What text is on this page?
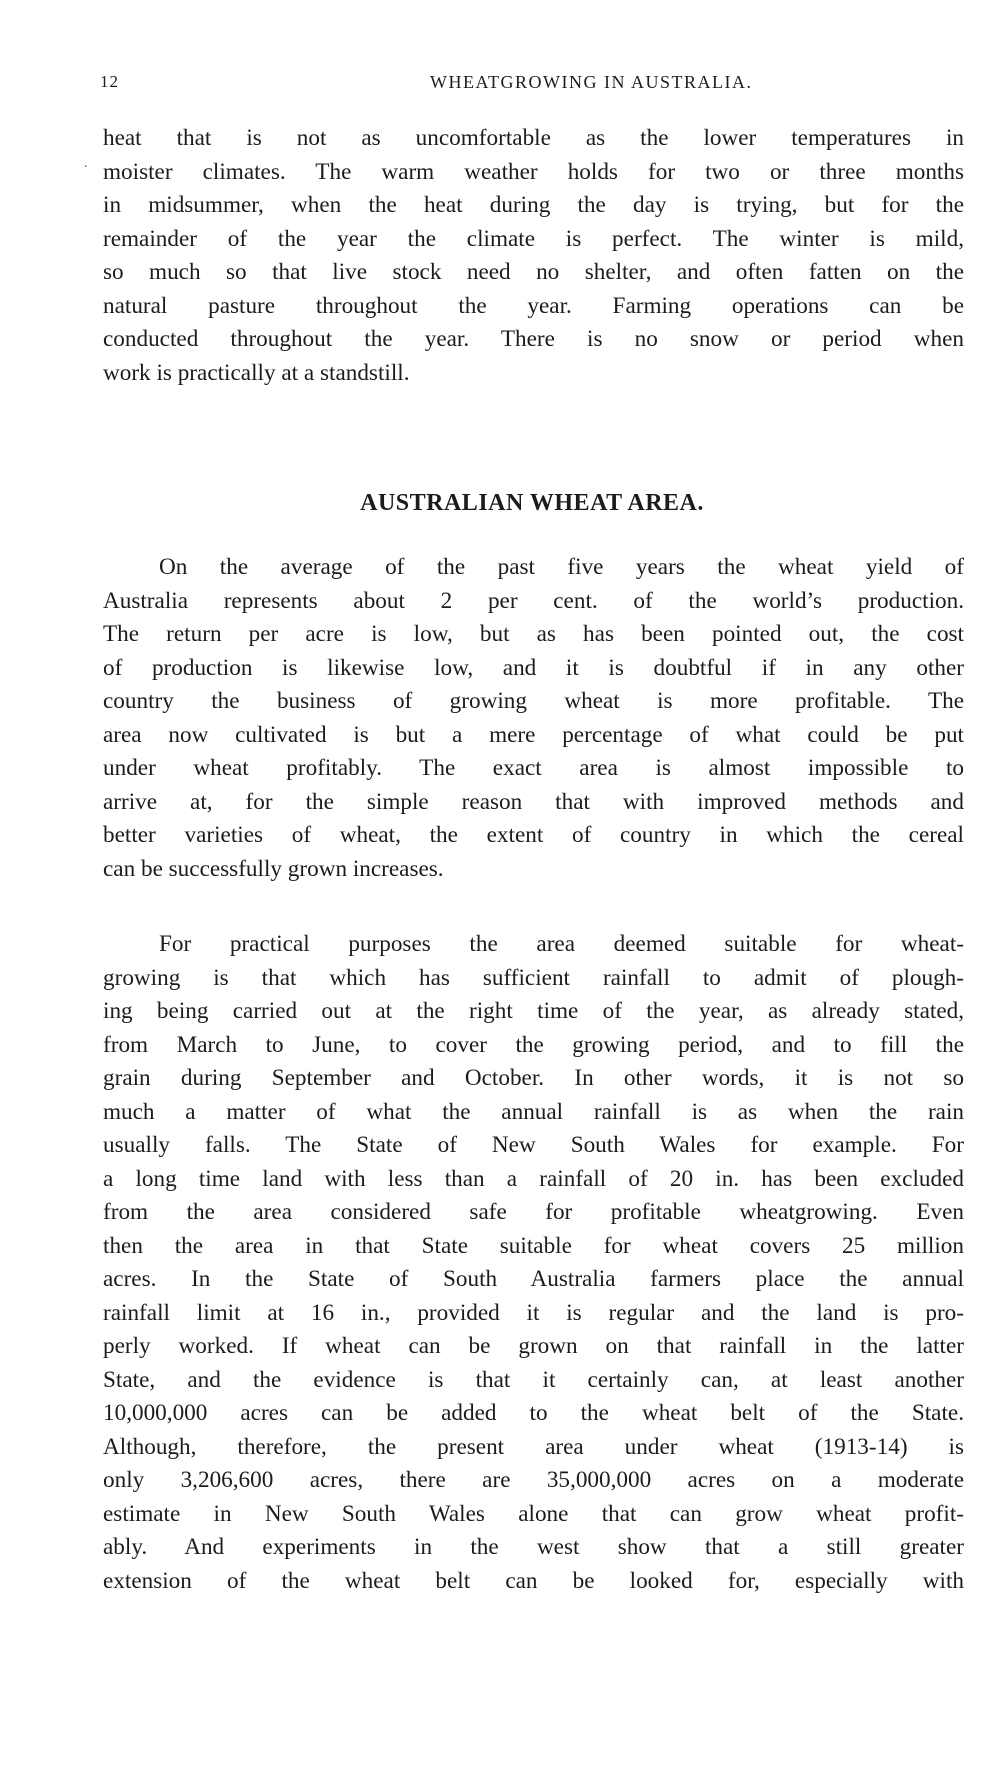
12	WHEATGROWING IN AUSTRALIA.
.
heat that is not as uncomfortable as the lower temperatures in
moister climates. The warm weather holds for two or three months
in midsummer, when the heat during the day is trying, but for the
remainder of the year the climate is perfect. The winter is mild,
so much so that live stock need no shelter, and often fatten on the
natural pasture throughout the year. Farming operations can be
conducted throughout the year. There is no snow or period when
work is practically at a standstill.
AUSTRALIAN WHEAT AREA.
On the average of the past five years the wheat yield of
Australia represents about 2 per cent. of the world’s production.
The return per acre is low, but as has been pointed out, the cost
of production is likewise low, and it is doubtful if in any other
country the business of growing wheat is more profitable. The
area now cultivated is but a mere percentage of what could be put
under wheat profitably. The exact area is almost impossible to
arrive at, for the simple reason that with improved methods and
better varieties of wheat, the extent of country in which the cereal
can be successfully grown increases.
For practical purposes the area deemed suitable for wheat-
growing is that which has sufficient rainfall to admit of plough-
ing being carried out at the right time of the year, as already stated,
from March to June, to cover the growing period, and to fill the
grain during September and October. In other words, it is not so
much a matter of what the annual rainfall is as when the rain
usually falls. The State of New South Wales for example. For
a long time land with less than a rainfall of 20 in. has been excluded
from the area considered safe for profitable wheatgrowing. Even
then the area in that State suitable for wheat covers 25 million
acres. In the State of South Australia farmers place the annual
rainfall limit at 16 in., provided it is regular and the land is pro-
perly worked. If wheat can be grown on that rainfall in the latter
State, and the evidence is that it certainly can, at least another
10,000,000 acres can be added to the wheat belt of the State.
Although, therefore, the present area under wheat (1913-14) is
only 3,206,600 acres, there are 35,000,000 acres on a moderate
estimate in New South Wales alone that can grow wheat profit-
ably. And experiments in the west show that a still greater
extension of the wheat belt can be looked for, especially with
